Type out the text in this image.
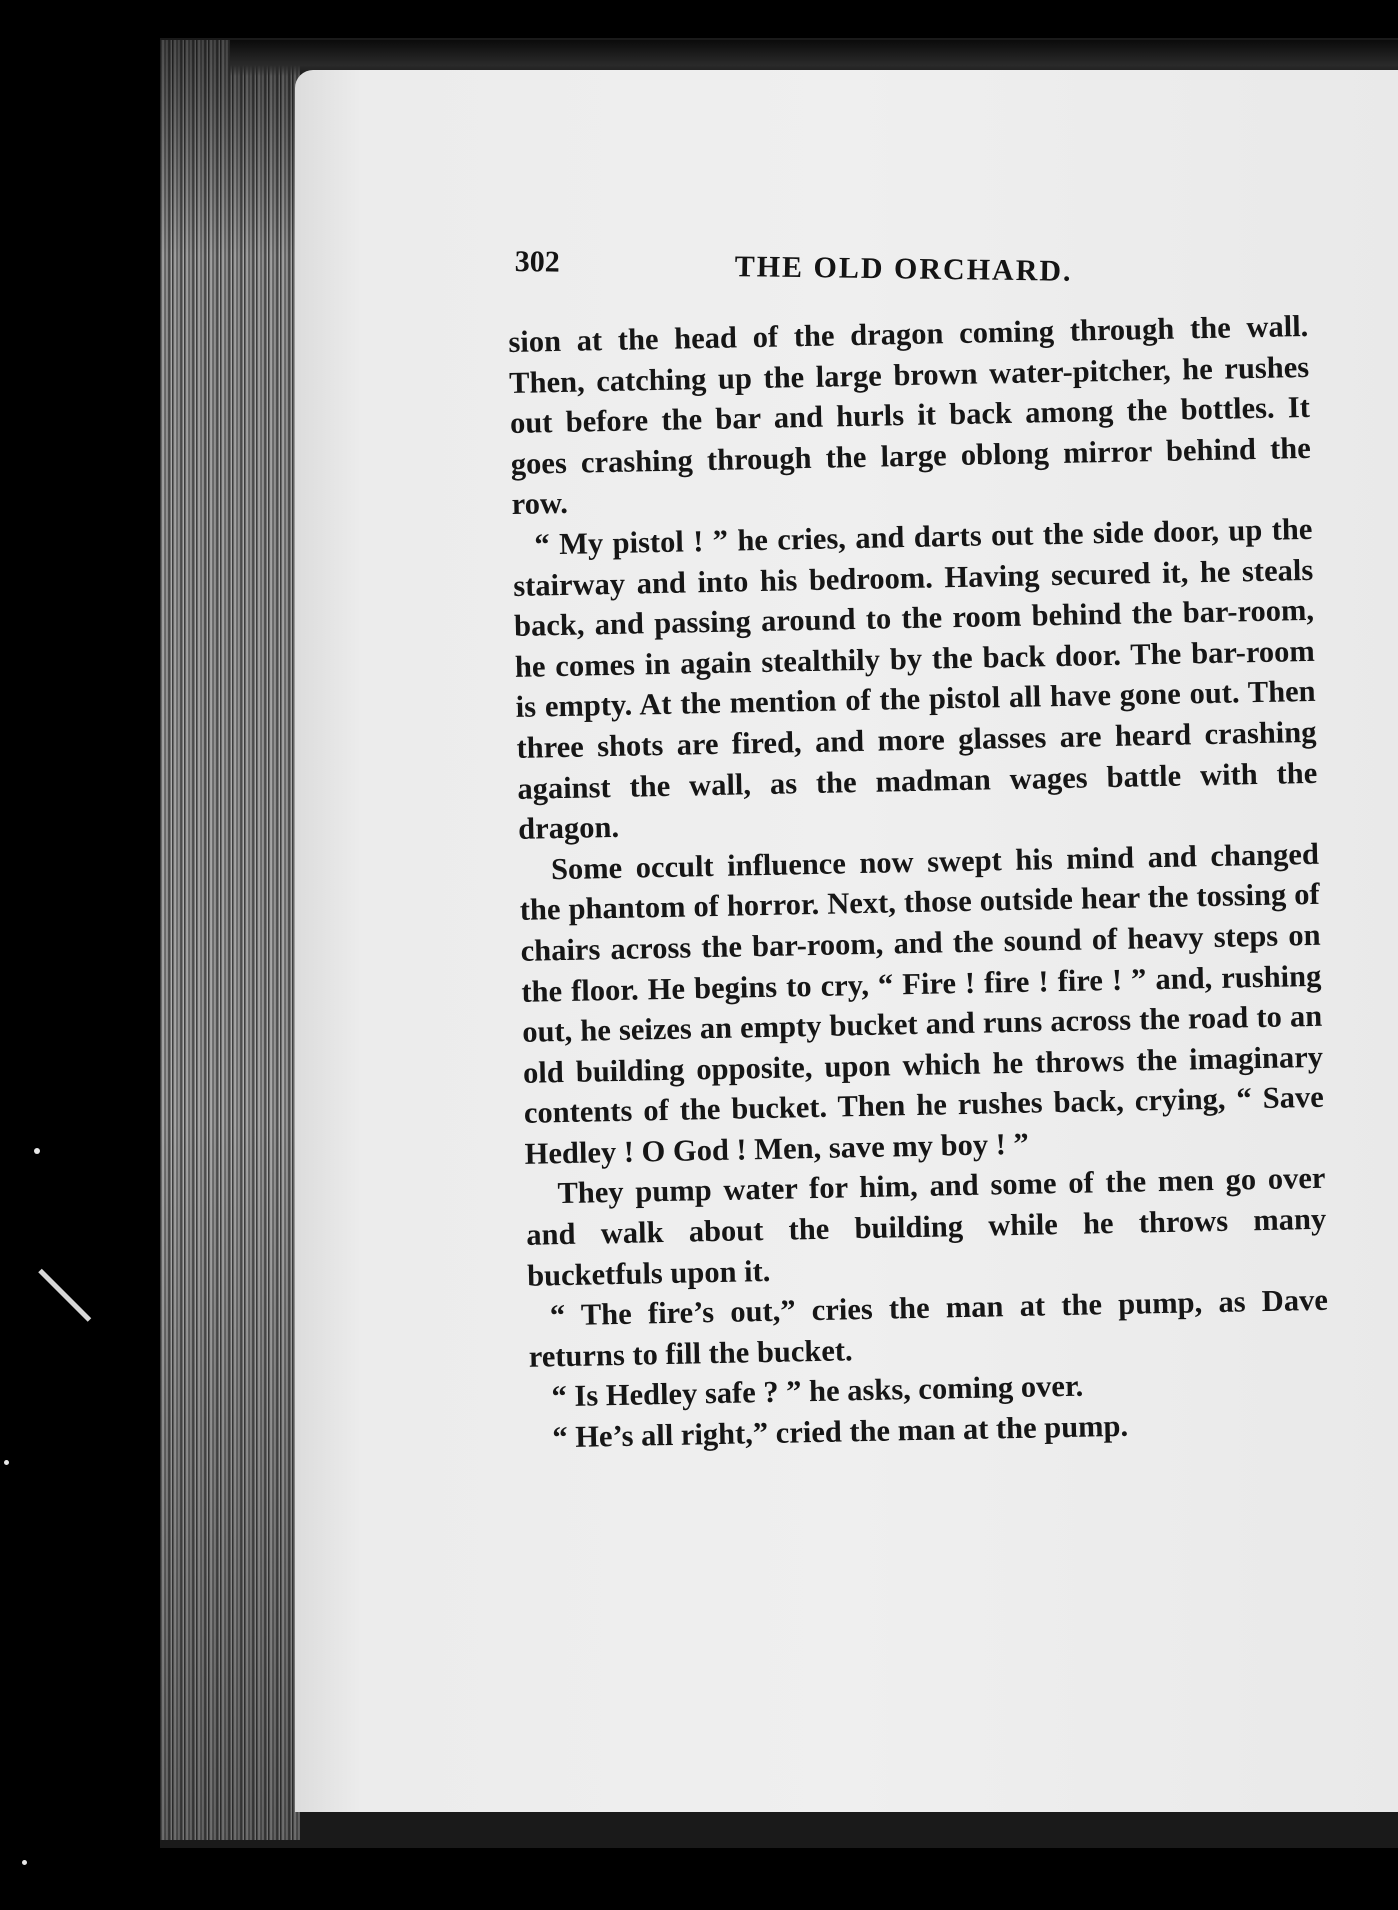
302	THE OLD ORCHARD.

sion at the head of the dragon coming through the wall. Then, catching up the large brown water-pitcher, he rushes out before the bar and hurls it back among the bottles. It goes crashing through the large oblong mirror behind the row.

“ My pistol ! ” he cries, and darts out the side door, up the stairway and into his bedroom. Having secured it, he steals back, and passing around to the room behind the bar-room, he comes in again stealthily by the back door. The bar-room is empty. At the mention of the pistol all have gone out. Then three shots are fired, and more glasses are heard crashing against the wall, as the madman wages battle with the dragon.

Some occult influence now swept his mind and changed the phantom of horror. Next, those outside hear the tossing of chairs across the bar-room, and the sound of heavy steps on the floor. He begins to cry, “ Fire ! fire ! fire ! ” and, rushing out, he seizes an empty bucket and runs across the road to an old building opposite, upon which he throws the imaginary contents of the bucket. Then he rushes back, crying, “ Save Hedley ! O God ! Men, save my boy ! ”

They pump water for him, and some of the men go over and walk about the building while he throws many bucketfuls upon it.

“ The fire’s out,” cries the man at the pump, as Dave returns to fill the bucket.

“ Is Hedley safe ? ” he asks, coming over.

“ He’s all right,” cried the man at the pump.
